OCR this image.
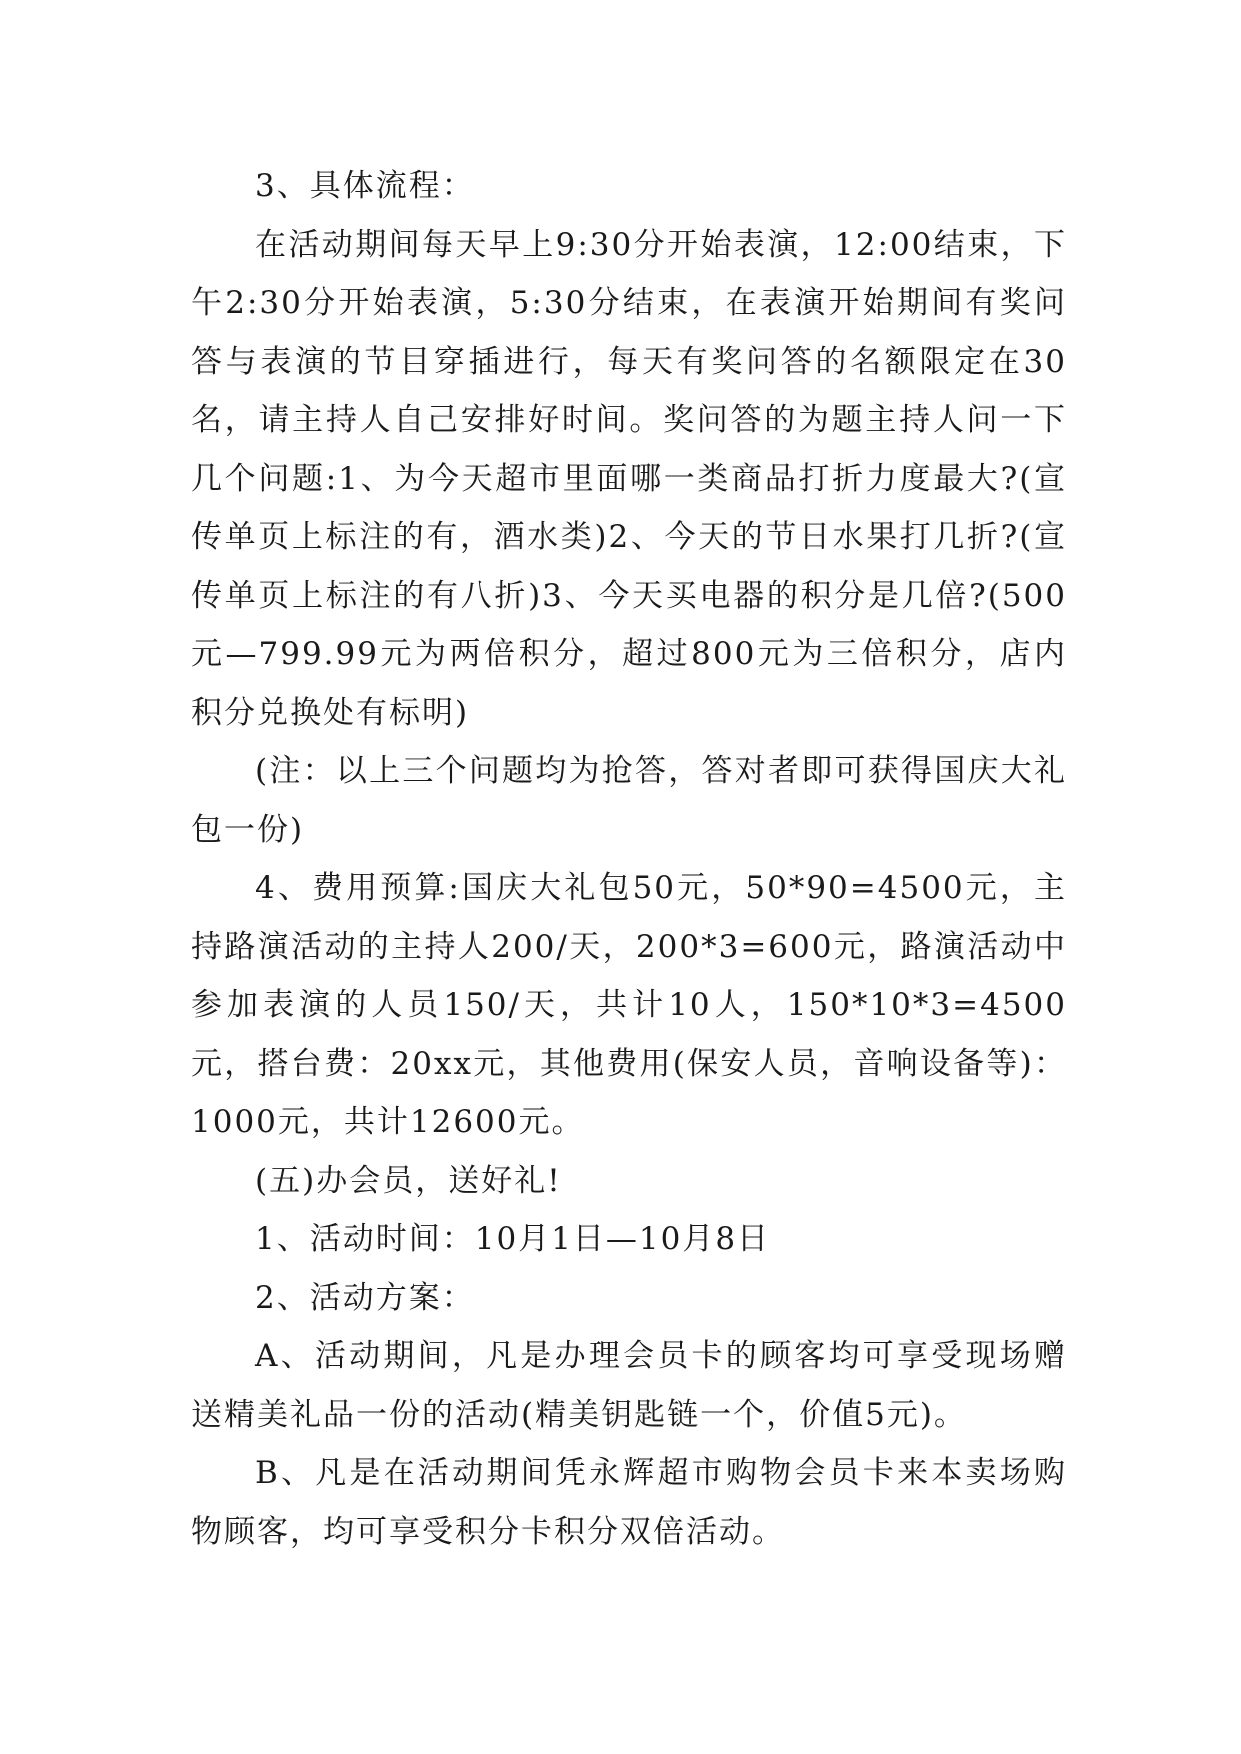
3、具体流程：

在活动期间每天早上9:30分开始表演，12:00结束，下午2:30分开始表演，5:30分结束，在表演开始期间有奖问答与表演的节目穿插进行，每天有奖问答的名额限定在30名，请主持人自己安排好时间。奖问答的为题主持人问一下几个问题:1、为今天超市里面哪一类商品打折力度最大?(宣传单页上标注的有，酒水类)2、今天的节日水果打几折?(宣传单页上标注的有八折)3、今天买电器的积分是几倍?(500元—799.99元为两倍积分，超过800元为三倍积分，店内积分兑换处有标明)

(注：以上三个问题均为抢答，答对者即可获得国庆大礼包一份)

4、费用预算:国庆大礼包50元，50*90=4500元，主持路演活动的主持人200/天，200*3=600元，路演活动中参加表演的人员150/天，共计10人，150*10*3=4500元，搭台费：20xx元，其他费用(保安人员，音响设备等)：1000元，共计12600元。

(五)办会员，送好礼!

1、活动时间：10月1日—10月8日

2、活动方案：

A、活动期间，凡是办理会员卡的顾客均可享受现场赠送精美礼品一份的活动(精美钥匙链一个，价值5元)。

B、凡是在活动期间凭永辉超市购物会员卡来本卖场购物顾客，均可享受积分卡积分双倍活动。
